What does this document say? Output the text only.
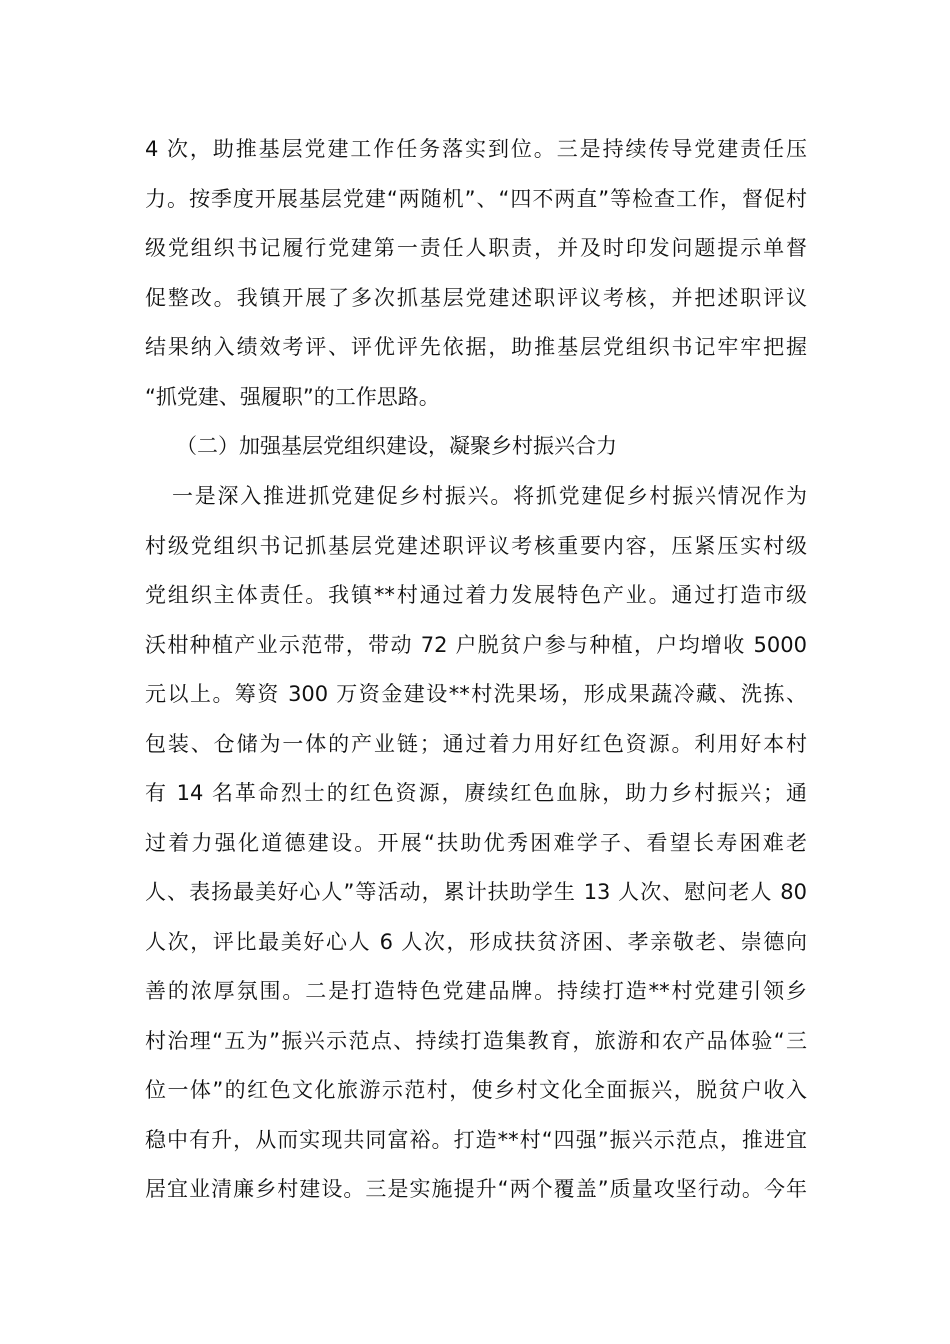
4 次，助推基层党建工作任务落实到位。三是持续传导党建责任压
力。按季度开展基层党建“两随机”、“四不两直”等检查工作，督促村
级党组织书记履行党建第一责任人职责，并及时印发问题提示单督
促整改。我镇开展了多次抓基层党建述职评议考核，并把述职评议
结果纳入绩效考评、评优评先依据，助推基层党组织书记牢牢把握
“抓党建、强履职”的工作思路。
（二）加强基层党组织建设，凝聚乡村振兴合力
一是深入推进抓党建促乡村振兴。将抓党建促乡村振兴情况作为
村级党组织书记抓基层党建述职评议考核重要内容，压紧压实村级
党组织主体责任。我镇**村通过着力发展特色产业。通过打造市级
沃柑种植产业示范带，带动 72 户脱贫户参与种植，户均增收 5000
元以上。筹资 300 万资金建设**村洗果场，形成果蔬冷藏、洗拣、
包装、仓储为一体的产业链；通过着力用好红色资源。利用好本村
有 14 名革命烈士的红色资源，赓续红色血脉，助力乡村振兴；通
过着力强化道德建设。开展“扶助优秀困难学子、看望长寿困难老
人、表扬最美好心人”等活动，累计扶助学生 13 人次、慰问老人 80
人次，评比最美好心人 6 人次，形成扶贫济困、孝亲敬老、崇德向
善的浓厚氛围。二是打造特色党建品牌。持续打造**村党建引领乡
村治理“五为”振兴示范点、持续打造集教育，旅游和农产品体验“三
位一体”的红色文化旅游示范村，使乡村文化全面振兴，脱贫户收入
稳中有升，从而实现共同富裕。打造**村“四强”振兴示范点，推进宜
居宜业清廉乡村建设。三是实施提升“两个覆盖”质量攻坚行动。今年
